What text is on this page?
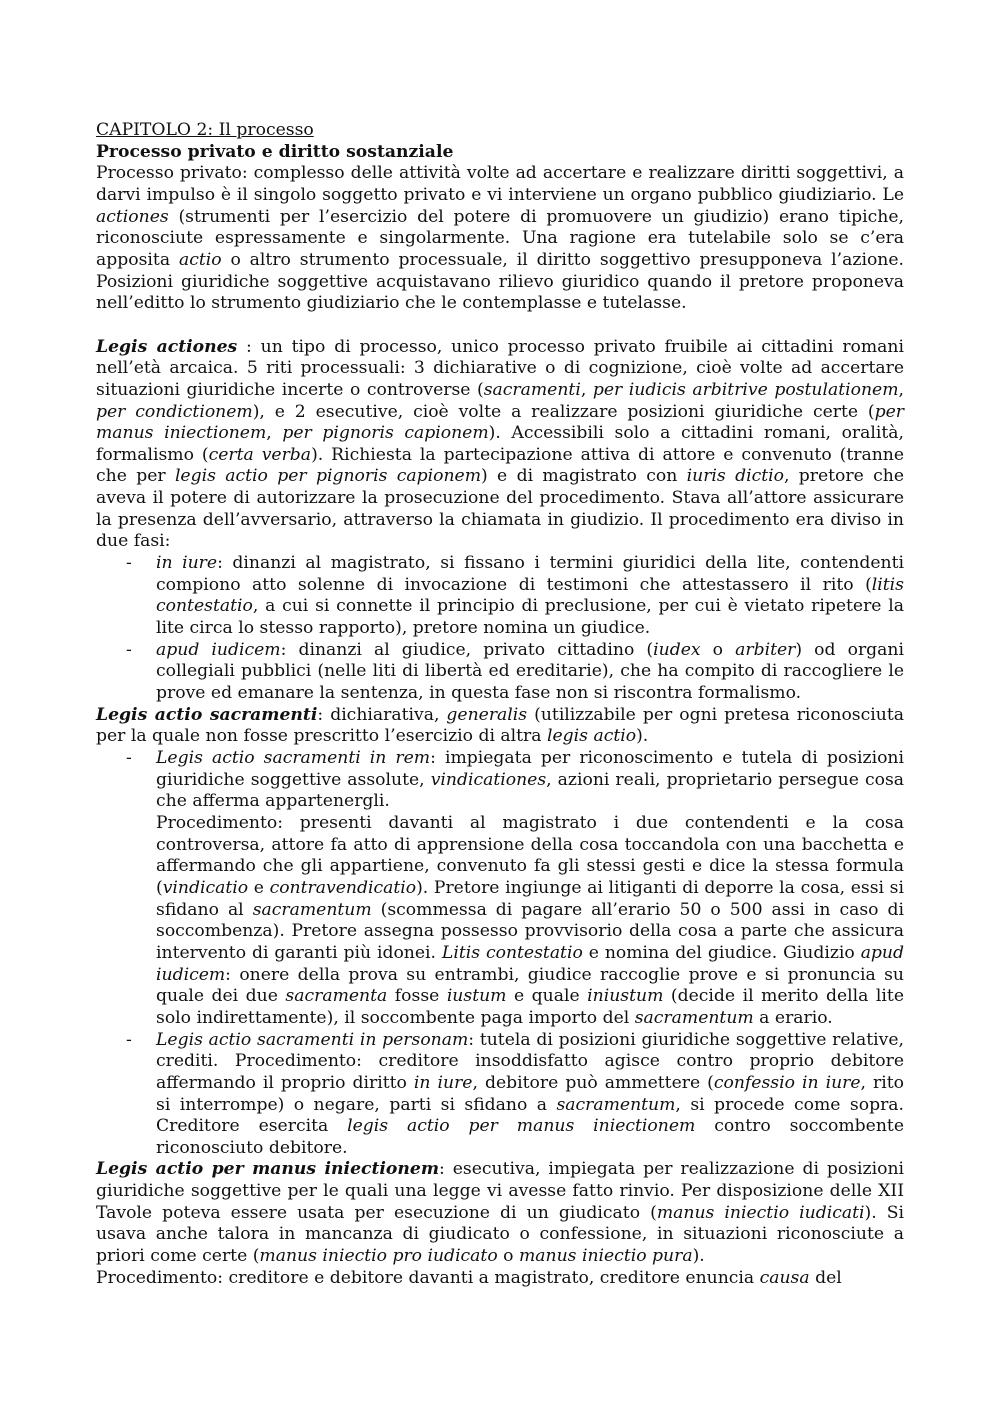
CAPITOLO 2: Il processo

Processo privato e diritto sostanziale

Processo privato: complesso delle attività volte ad accertare e realizzare diritti soggettivi, a darvi impulso è il singolo soggetto privato e vi interviene un organo pubblico giudiziario. Le actiones (strumenti per l’esercizio del potere di promuovere un giudizio) erano tipiche, riconosciute espressamente e singolarmente. Una ragione era tutelabile solo se c’era apposita actio o altro strumento processuale, il diritto soggettivo presupponeva l’azione. Posizioni giuridiche soggettive acquistavano rilievo giuridico quando il pretore proponeva nell’editto lo strumento giudiziario che le contemplasse e tutelasse.

Legis actiones : un tipo di processo, unico processo privato fruibile ai cittadini romani nell’età arcaica. 5 riti processuali: 3 dichiarative o di cognizione, cioè volte ad accertare situazioni giuridiche incerte o controverse (sacramenti, per iudicis arbitrive postulationem, per condictionem), e 2 esecutive, cioè volte a realizzare posizioni giuridiche certe (per manus iniectionem, per pignoris capionem). Accessibili solo a cittadini romani, oralità, formalismo (certa verba). Richiesta la partecipazione attiva di attore e convenuto (tranne che per legis actio per pignoris capionem) e di magistrato con iuris dictio, pretore che aveva il potere di autorizzare la prosecuzione del procedimento. Stava all’attore assicurare la presenza dell’avversario, attraverso la chiamata in giudizio. Il procedimento era diviso in due fasi:

- in iure: dinanzi al magistrato, si fissano i termini giuridici della lite, contendenti compiono atto solenne di invocazione di testimoni che attestassero il rito (litis contestatio, a cui si connette il principio di preclusione, per cui è vietato ripetere la lite circa lo stesso rapporto), pretore nomina un giudice.

- apud iudicem: dinanzi al giudice, privato cittadino (iudex o arbiter) od organi collegiali pubblici (nelle liti di libertà ed ereditarie), che ha compito di raccogliere le prove ed emanare la sentenza, in questa fase non si riscontra formalismo.

Legis actio sacramenti: dichiarativa, generalis (utilizzabile per ogni pretesa riconosciuta per la quale non fosse prescritto l’esercizio di altra legis actio).

- Legis actio sacramenti in rem: impiegata per riconoscimento e tutela di posizioni giuridiche soggettive assolute, vindicationes, azioni reali, proprietario persegue cosa che afferma appartenergli.

Procedimento: presenti davanti al magistrato i due contendenti e la cosa controversa, attore fa atto di apprensione della cosa toccandola con una bacchetta e affermando che gli appartiene, convenuto fa gli stessi gesti e dice la stessa formula (vindicatio e contravendicatio). Pretore ingiunge ai litiganti di deporre la cosa, essi si sfidano al sacramentum (scommessa di pagare all’erario 50 o 500 assi in caso di soccombenza). Pretore assegna possesso provvisorio della cosa a parte che assicura intervento di garanti più idonei. Litis contestatio e nomina del giudice. Giudizio apud iudicem: onere della prova su entrambi, giudice raccoglie prove e si pronuncia su quale dei due sacramenta fosse iustum e quale iniustum (decide il merito della lite solo indirettamente), il soccombente paga importo del sacramentum a erario.

- Legis actio sacramenti in personam: tutela di posizioni giuridiche soggettive relative, crediti. Procedimento: creditore insoddisfatto agisce contro proprio debitore affermando il proprio diritto in iure, debitore può ammettere (confessio in iure, rito si interrompe) o negare, parti si sfidano a sacramentum, si procede come sopra. Creditore esercita legis actio per manus iniectionem contro soccombente riconosciuto debitore.

Legis actio per manus iniectionem: esecutiva, impiegata per realizzazione di posizioni giuridiche soggettive per le quali una legge vi avesse fatto rinvio. Per disposizione delle XII Tavole poteva essere usata per esecuzione di un giudicato (manus iniectio iudicati). Si usava anche talora in mancanza di giudicato o confessione, in situazioni riconosciute a priori come certe (manus iniectio pro iudicato o manus iniectio pura).

Procedimento: creditore e debitore davanti a magistrato, creditore enuncia causa del
